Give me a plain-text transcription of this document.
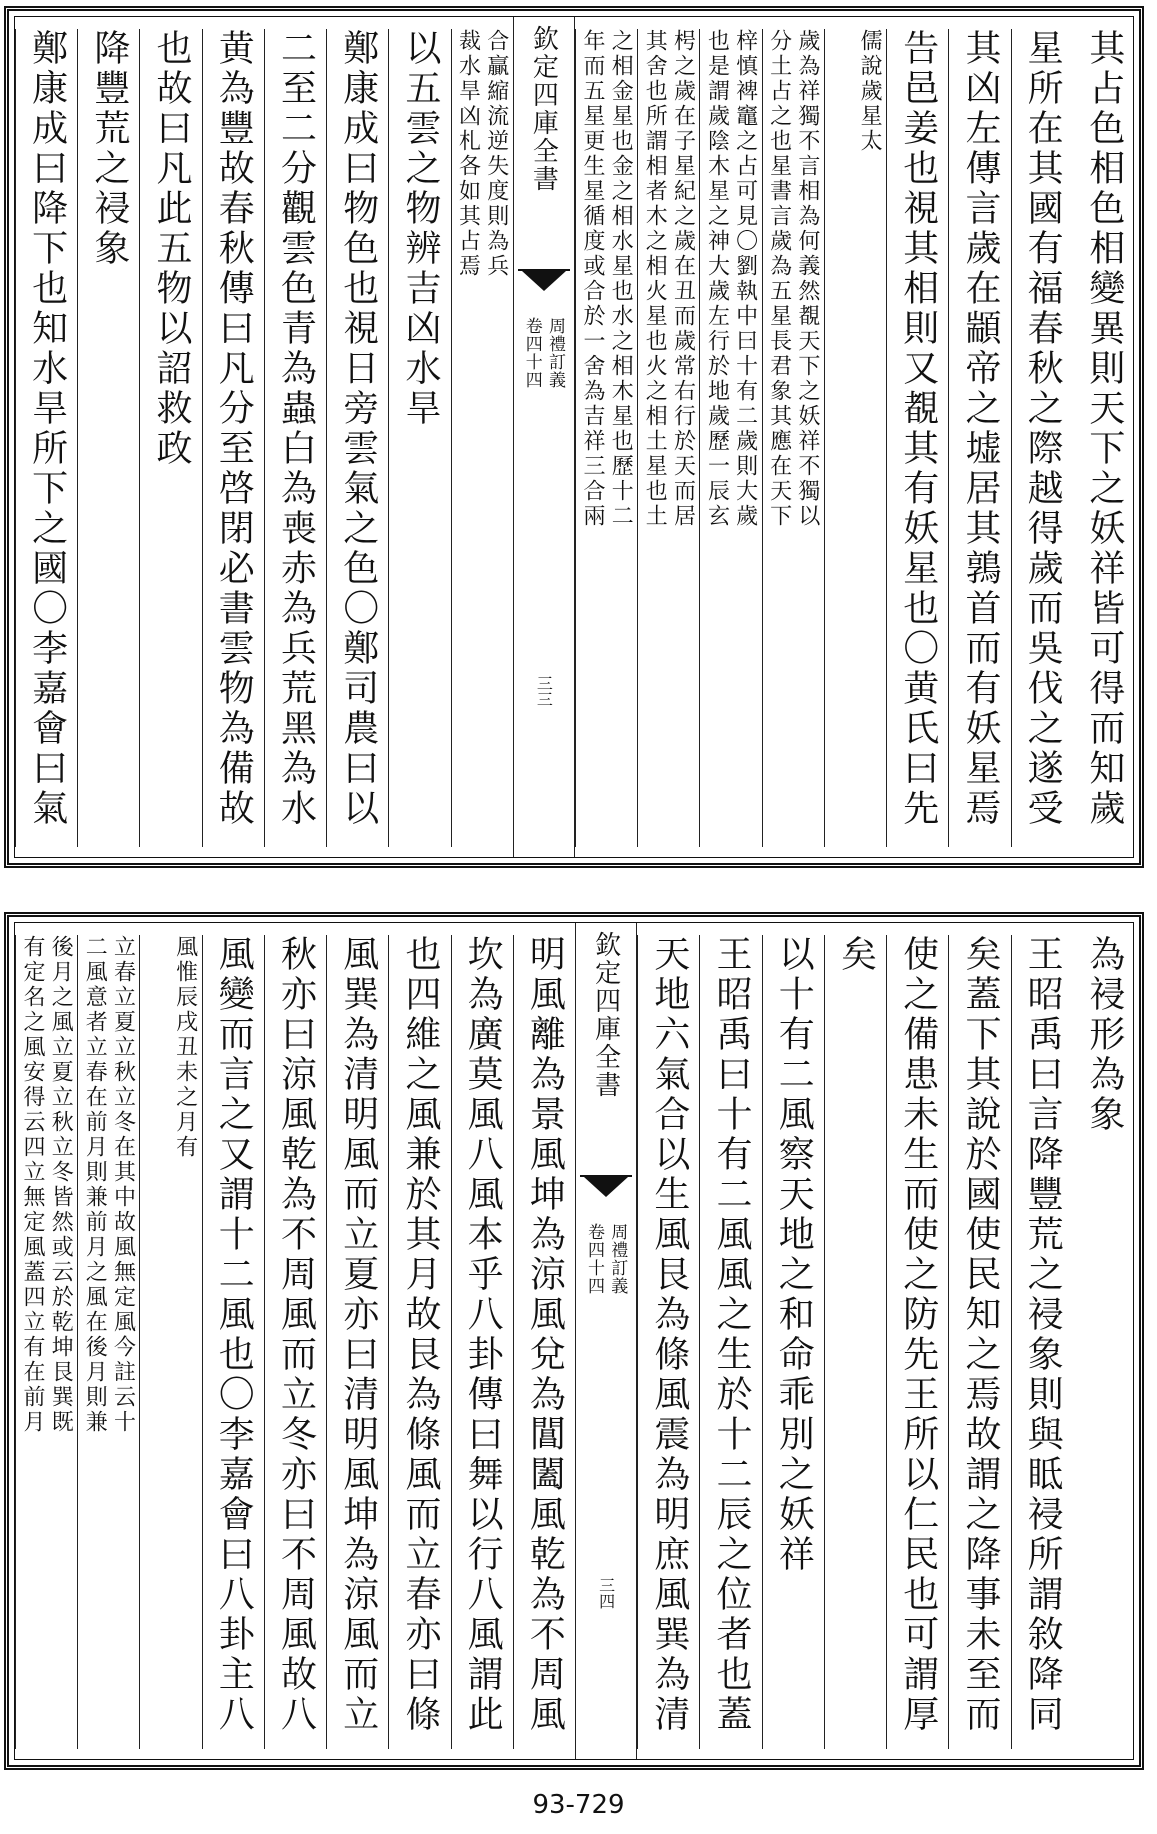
其占色相色相變異則天下之妖祥皆可得而知歲
星所在其國有福春秋之際越得歲而吳伐之遂受
其凶左傳言歲在顓帝之墟居其鶉首而有妖星焉
告邑姜也視其相則又覩其有妖星也〇黄氏曰先
儒說歲星太
歲為祥獨不言相為何義然覩天下之妖祥不獨以
分土占之也星書言歲為五星長君象其應在天下
梓慎裨竈之占可見〇劉執中曰十有二歲則大歲
也是謂歲陰木星之神大歲左行於地歲歷一辰玄
枵之歲在子星紀之歲在丑而歲常右行於天而居
其舍也所謂相者木之相火星也火之相土星也土
之相金星也金之相水星也水之相木星也歷十二
年而五星更生星循度或合於一舍為吉祥三合兩
欽定四庫全書
周禮訂義
卷四十四
三三
合贏縮流逆失度則為兵
裁水旱凶札各如其占焉
以五雲之物辨吉凶水旱
鄭康成曰物色也視日旁雲氣之色〇鄭司農曰以
二至二分觀雲色青為蟲白為喪赤為兵荒黑為水
黄為豐故春秋傳曰凡分至啓閉必書雲物為備故
也故曰凡此五物以詔救政
降豐荒之祲象
鄭康成曰降下也知水旱所下之國〇李嘉會曰氣
為祲形為象
王昭禹曰言降豐荒之祲象則與眡祲所謂敘降同
矣蓋下其說於國使民知之焉故謂之降事未至而
使之備患未生而使之防先王所以仁民也可謂厚
矣
以十有二風察天地之和命乖別之妖祥
王昭禹曰十有二風風之生於十二辰之位者也蓋
天地六氣合以生風艮為條風震為明庶風巽為清
欽定四庫全書
周禮訂義
卷四十四
三四
明風離為景風坤為涼風兌為閶闔風乾為不周風
坎為廣莫風八風本乎八卦傳曰舞以行八風謂此
也四維之風兼於其月故艮為條風而立春亦曰條
風巽為清明風而立夏亦曰清明風坤為涼風而立
秋亦曰涼風乾為不周風而立冬亦曰不周風故八
風變而言之又謂十二風也〇李嘉會曰八卦主八
風惟辰戌丑未之月有
立春立夏立秋立冬在其中故風無定風今註云十
二風意者立春在前月則兼前月之風在後月則兼
後月之風立夏立秋立冬皆然或云於乾坤艮巽既
有定名之風安得云四立無定風蓋四立有在前月
93-729
